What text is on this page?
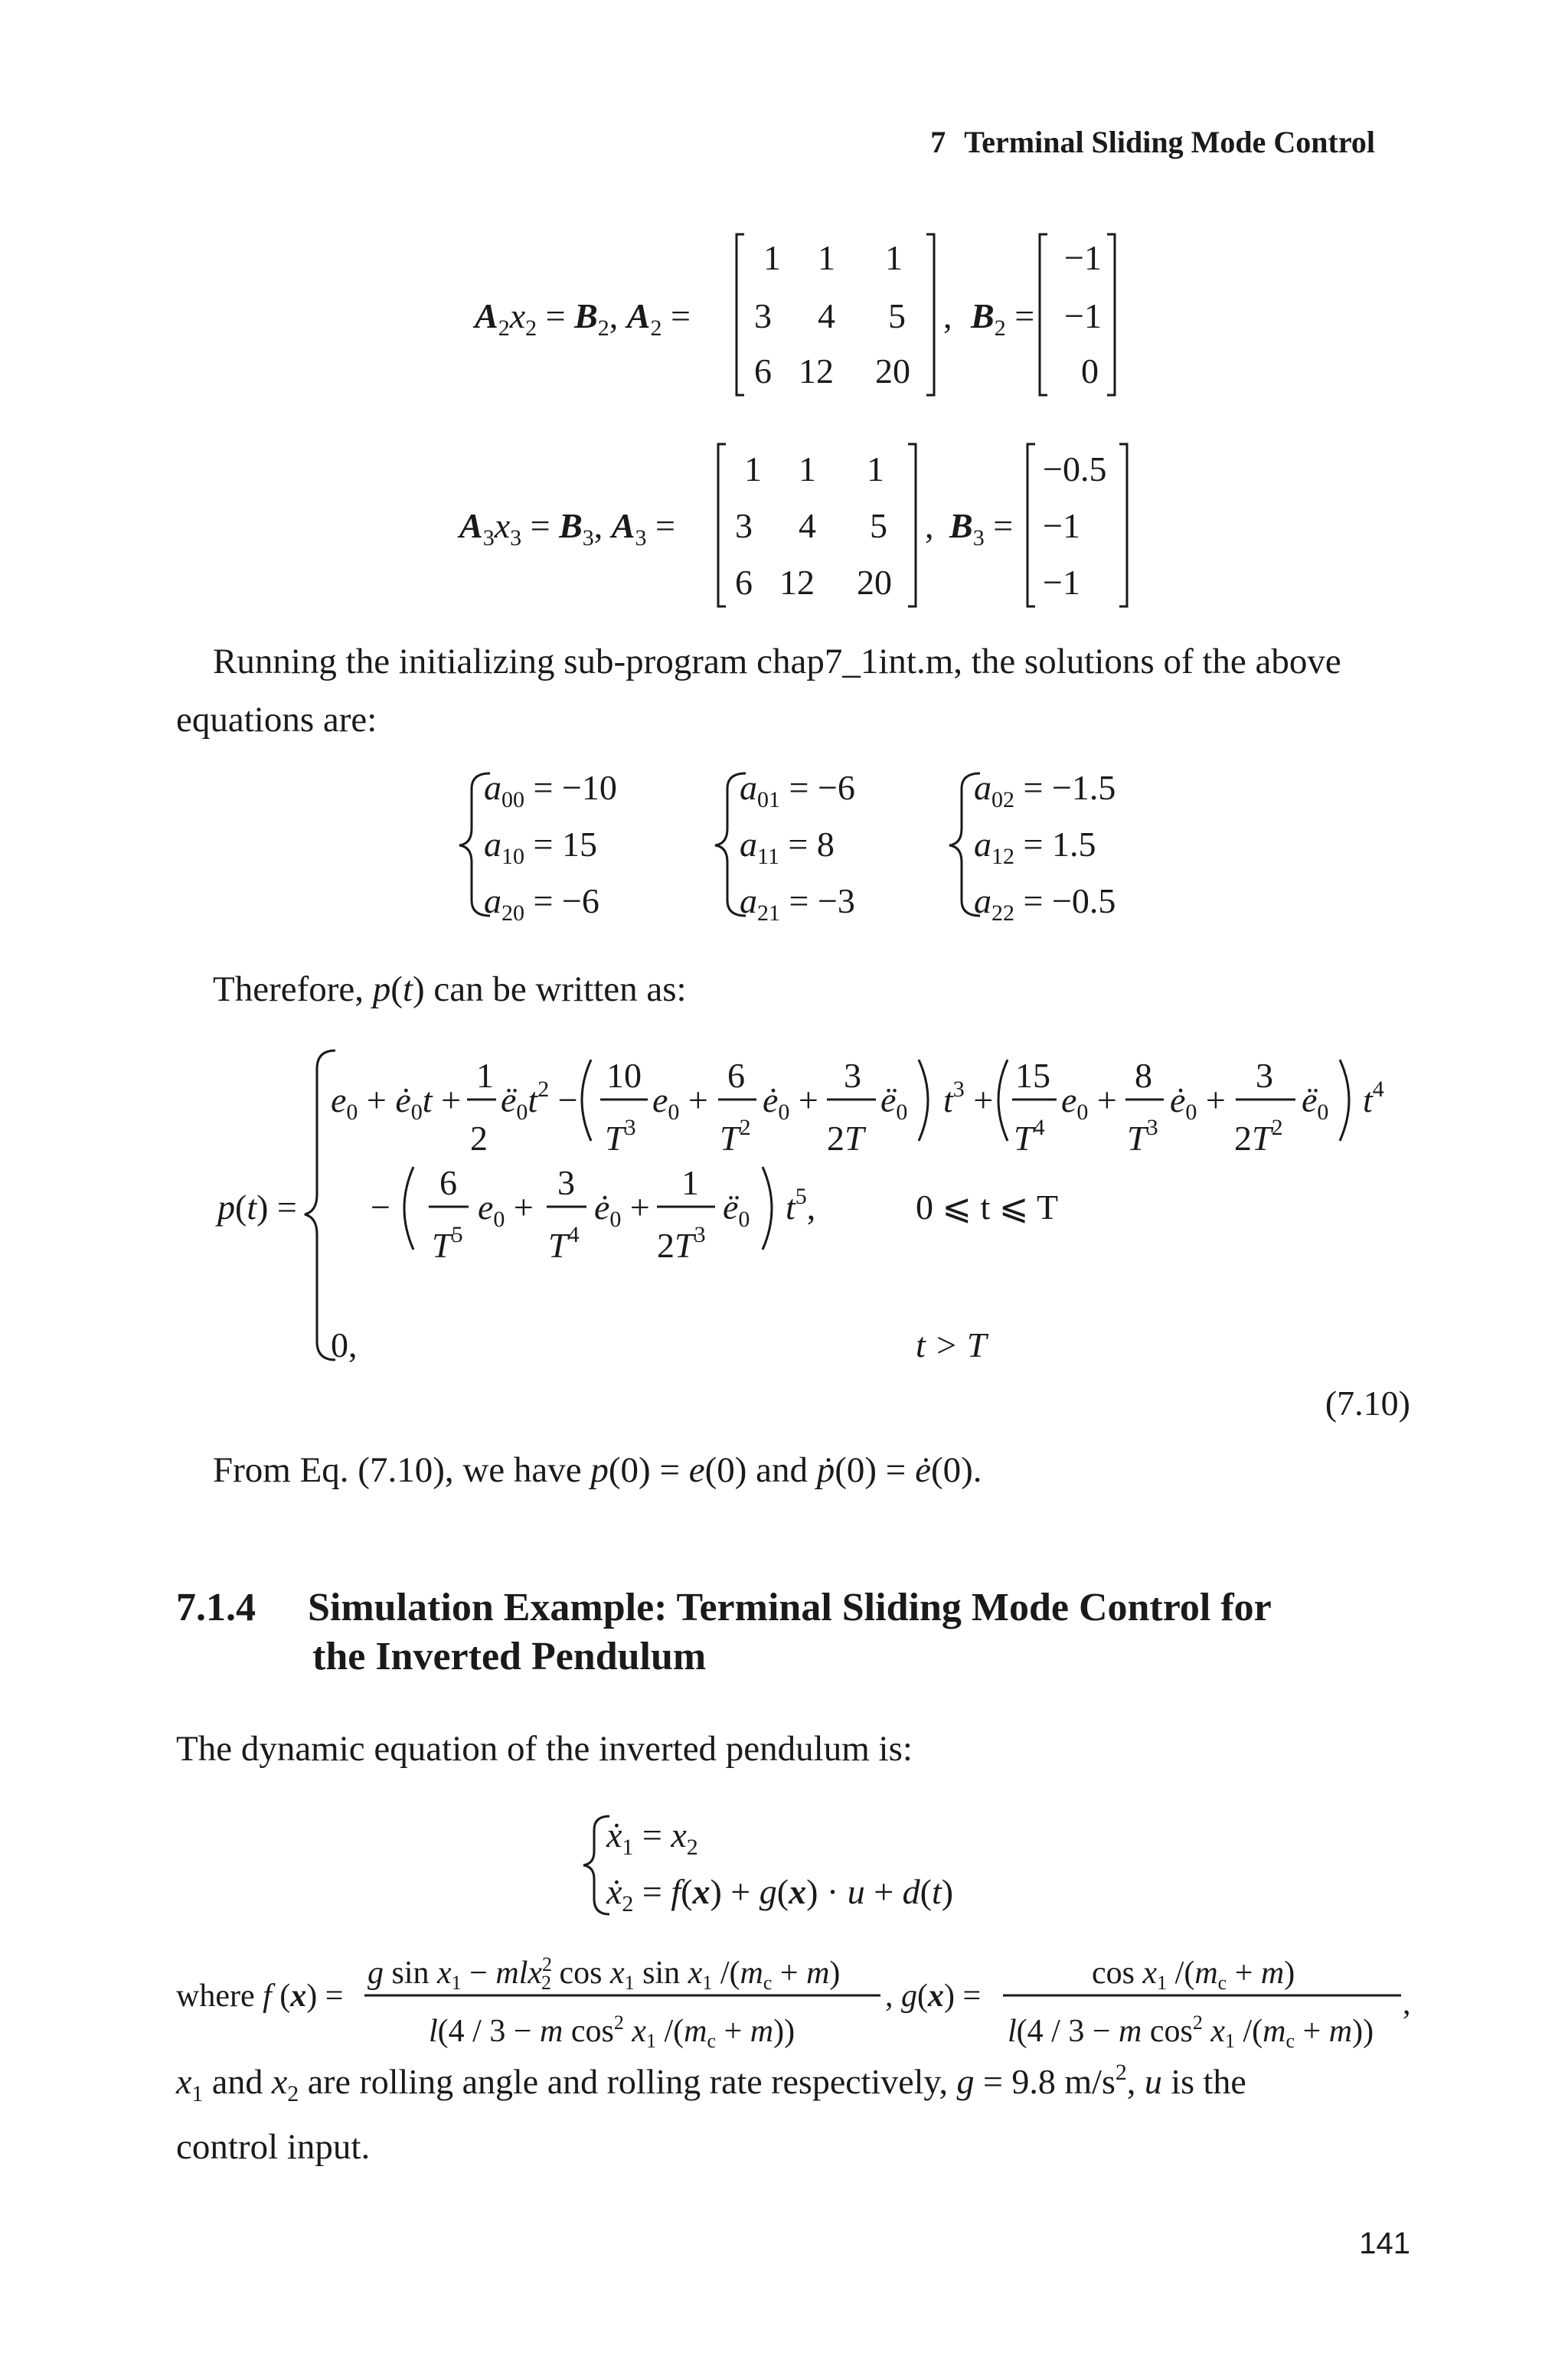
7 Terminal Sliding Mode Control
$A_2x_2 = B_2$, $A_2$ =
1 1 1
3 4 5
6 12 20
, $B_2$ =
−1
−1
0
$A_3x_3 = B_3$, $A_3$ =
1 1 1
3 4 5
6 12 20
, $B_3$ =
−0.5
−1
−1
$a_{00} = -10$
$a_{10} = 15$
$a_{20} = -6$
$a_{01} = -6$
$a_{11} = 8$
$a_{21} = -3$
$a_{02} = -1.5$
$a_{12} = 1.5$
$a_{22} = -0.5$
p(t) =
$e_0$ + $ė_0t$ +
1
2
$ë_0t^2$ −
10
$T^3$
$e_0$ +
6
$T^2$
$ė_0$ +
3
2T
$ë_0$ $t^3$ +
15
$T^4$
$e_0$ +
8
$T^3$
$ė_0$ +
3
$2T^2$
$ë_0$ $t^4$
−
6
$T^5$
$e_0$ +
3
$T^4$
$ė_0$ +
1
$2T^3$
$ë_0$ $t^5$,	0 ⩽ t ⩽ T
0,	t > T
ẋ$_1$ = $x_2$
ẋ$_2$ = f(x) + g(x) · u + d(t)
where f (x) =
g sin x1 − mlx$^2$ 2 cos x1 sin x1 /(mc + m)
l(4 / 3 − m $\cos^2 x1$ /(mc + m))
, g(x) =
cos x1 /(mc + m)
l(4 / 3 − m $\cos^2 x1$ /(mc + m))
,
$x_1$ and $x_2$ are rolling angle and rolling rate respectively, g = 9.8 $m/s^2$, u is the
Running the initializing sub-program chap7_1int.m, the solutions of the above equations are:
Therefore, p(t) can be written as:
(7.10)
From Eq. (7.10), we have p(0) = e(0) and ṗ(0) = ė(0).
7.1.4 Simulation Example: Terminal Sliding Mode Control for
the Inverted Pendulum
The dynamic equation of the inverted pendulum is:
control input.
141
